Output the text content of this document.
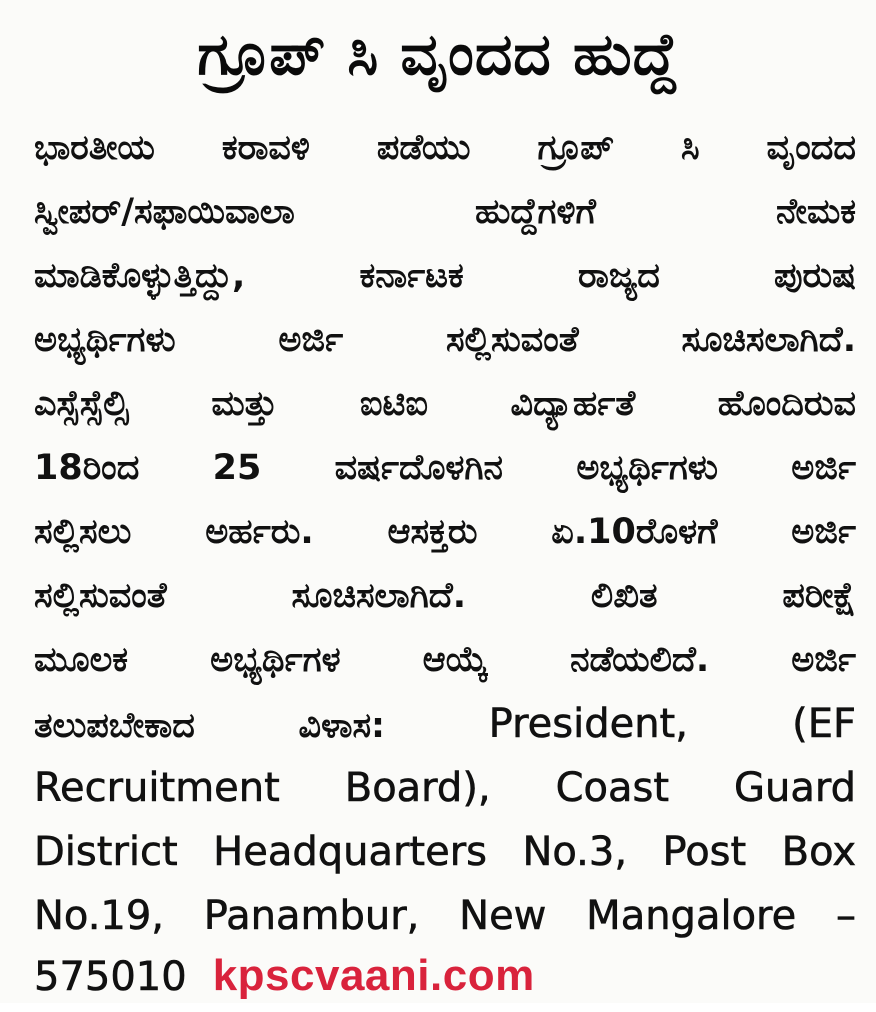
ಗ್ರೂಪ್ ಸಿ ವೃಂದದ ಹುದ್ದೆ
ಭಾರತೀಯ ಕರಾವಳಿ ಪಡೆಯು ಗ್ರೂಪ್ ಸಿ ವೃಂದದ
ಸ್ವೀಪರ್/ಸಫಾಯಿವಾಲಾ ಹುದ್ದೆಗಳಿಗೆ ನೇಮಕ
ಮಾಡಿಕೊಳ್ಳುತ್ತಿದ್ದು, ಕರ್ನಾಟಕ ರಾಜ್ಯದ ಪುರುಷ
ಅಭ್ಯರ್ಥಿಗಳು ಅರ್ಜಿ ಸಲ್ಲಿಸುವಂತೆ ಸೂಚಿಸಲಾಗಿದೆ.
ಎಸ್ಸೆಸ್ಸೆಲ್ಸಿ ಮತ್ತು ಐಟಿಐ ವಿದ್ಯಾರ್ಹತೆ ಹೊಂದಿರುವ
18ರಿಂದ 25 ವರ್ಷದೊಳಗಿನ ಅಭ್ಯರ್ಥಿಗಳು ಅರ್ಜಿ
ಸಲ್ಲಿಸಲು ಅರ್ಹರು. ಆಸಕ್ತರು ಏ.10ರೊಳಗೆ ಅರ್ಜಿ
ಸಲ್ಲಿಸುವಂತೆ ಸೂಚಿಸಲಾಗಿದೆ. ಲಿಖಿತ ಪರೀಕ್ಷೆ
ಮೂಲಕ ಅಭ್ಯರ್ಥಿಗಳ ಆಯ್ಕೆ ನಡೆಯಲಿದೆ. ಅರ್ಜಿ
ತಲುಪಬೇಕಾದ ವಿಳಾಸ:	President, (EF
Recruitment Board), Coast Guard
District Headquarters No.3, Post Box
No.19, Panambur, New Mangalore –
575010 kpscvaani.com
